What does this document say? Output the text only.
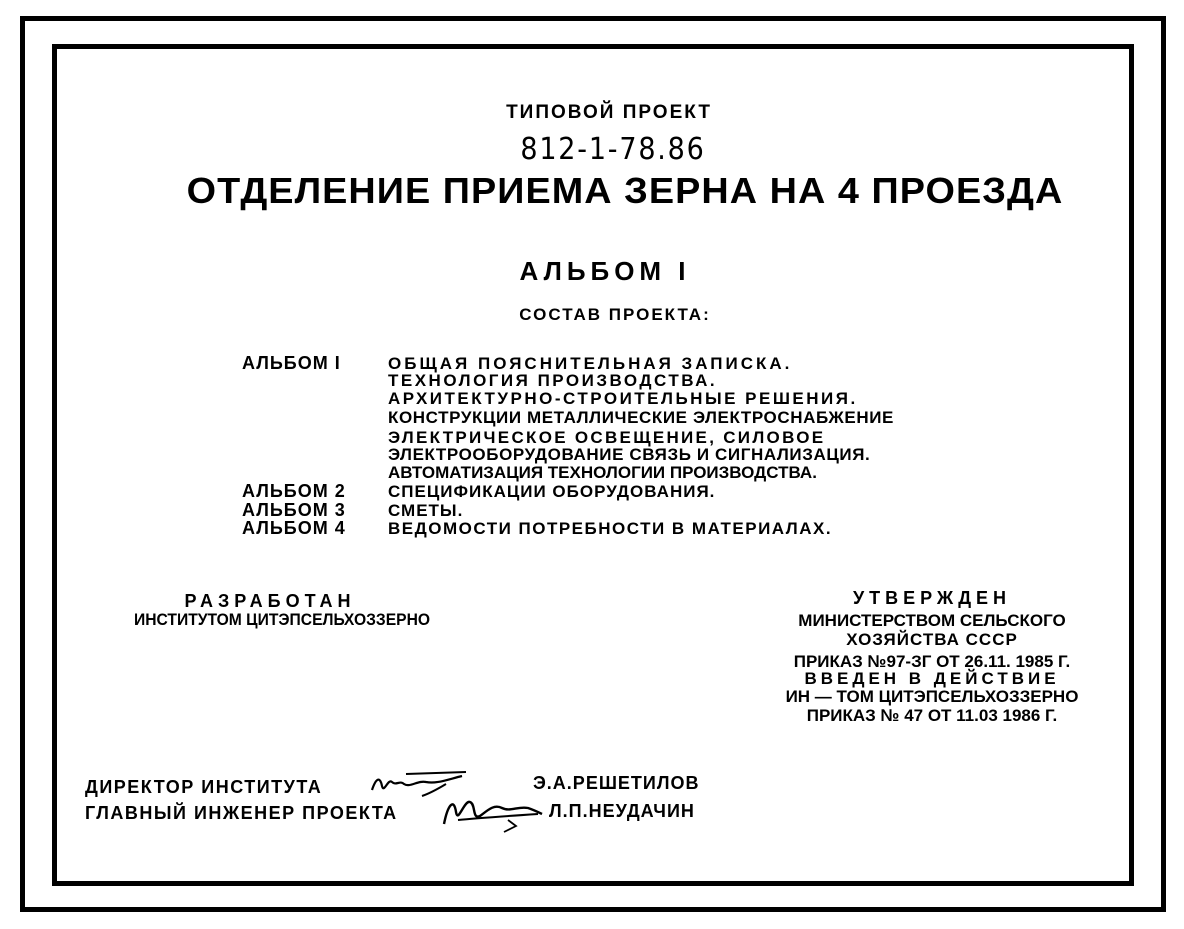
ТИПОВОЙ ПРОЕКТ
812-1-78.86
ОТДЕЛЕНИЕ ПРИЕМА ЗЕРНА НА 4 ПРОЕЗДА
АЛЬБОМ I
СОСТАВ ПРОЕКТА:
АЛЬБОМ I	ОБЩАЯ ПОЯСНИТЕЛЬНАЯ ЗАПИСКА.
ТЕХНОЛОГИЯ ПРОИЗВОДСТВА.
АРХИТЕКТУРНО-СТРОИТЕЛЬНЫЕ РЕШЕНИЯ.
КОНСТРУКЦИИ МЕТАЛЛИЧЕСКИЕ ЭЛЕКТРОСНАБЖЕНИЕ
ЭЛЕКТРИЧЕСКОЕ ОСВЕЩЕНИЕ, СИЛОВОЕ
ЭЛЕКТРООБОРУДОВАНИЕ СВЯЗЬ И СИГНАЛИЗАЦИЯ.
АВТОМАТИЗАЦИЯ ТЕХНОЛОГИИ ПРОИЗВОДСТВА.
АЛЬБОМ 2 СПЕЦИФИКАЦИИ ОБОРУДОВАНИЯ.
АЛЬБОМ 3 СМЕТЫ.
АЛЬБОМ 4 ВЕДОМОСТИ ПОТРЕБНОСТИ В МАТЕРИАЛАХ.
РАЗРАБОТАН
ИНСТИТУТОМ ЦИТЭПСЕЛЬХОЗЗЕРНО
УТВЕРЖДЕН
МИНИСТЕРСТВОМ СЕЛЬСКОГО
ХОЗЯЙСТВА СССР
ПРИКАЗ №97-ЗГ ОТ 26.11. 1985 Г.
ВВЕДЕН В ДЕЙСТВИЕ
ИН — ТОМ ЦИТЭПСЕЛЬХОЗЗЕРНО
ПРИКАЗ № 47 ОТ 11.03 1986 Г.
ДИРЕКТОР ИНСТИТУТА	Э.А.РЕШЕТИЛОВ
ГЛАВНЫЙ ИНЖЕНЕР ПРОЕКТА	Л.П.НЕУДАЧИН
